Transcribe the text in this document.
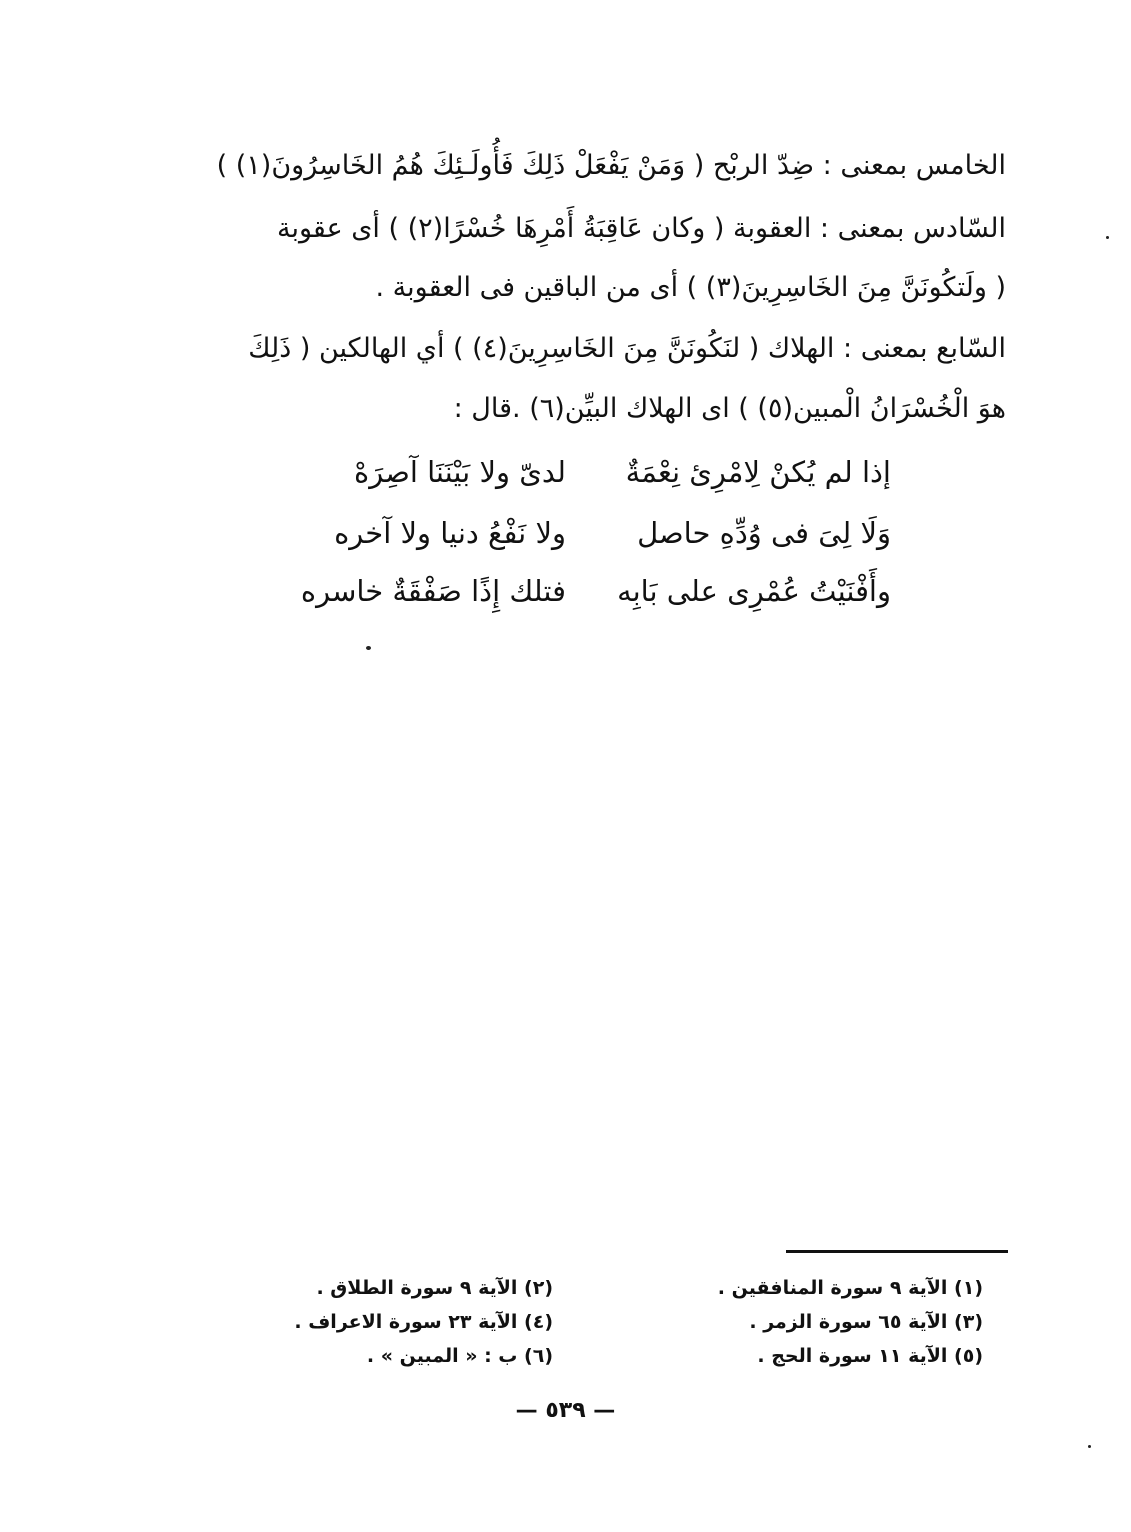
الخامس بمعنى : ضِدّ الربْح ( وَمَنْ يَفْعَلْ ذَلِكَ فَأُولَـئِكَ هُمُ الخَاسِرُونَ(١) )
السّادس بمعنى : العقوبة ( وكان عَاقِبَةُ أَمْرِهَا خُسْرًا(٢) ) أى عقوبة
( ولَتكُونَنَّ مِنَ الخَاسِرِينَ(٣) ) أى من الباقين فى العقوبة .
السّابع بمعنى : الهلاك ( لنَكُونَنَّ مِنَ الخَاسِرِينَ(٤) ) أي الهالكين ( ذَلِكَ
هوَ الْخُسْرَانُ الْمبين(٥) ) اى الهلاك البيِّن(٦) .قال :
إذا لم يُكنْ لِامْرِئ نِعْمَةٌ
لدىّ ولا بَيْنَنَا آصِرَهْ
وَلَا لِىَ فى وُدِّهِ حاصل
ولا نَفْعُ دنيا ولا آخره
وأَفْنَيْتُ عُمْرِى على بَابِه
فتلك إِذًا صَفْقَةٌ خاسره
(١) الآية ٩ سورة المنافقين .
(٢) الآية ٩ سورة الطلاق .
(٣) الآية ٦٥ سورة الزمر .
(٤) الآية ٢٣ سورة الاعراف .
(٥) الآية ١١ سورة الحج .
(٦) ب : « المبين » .
— ٥٣٩ —
